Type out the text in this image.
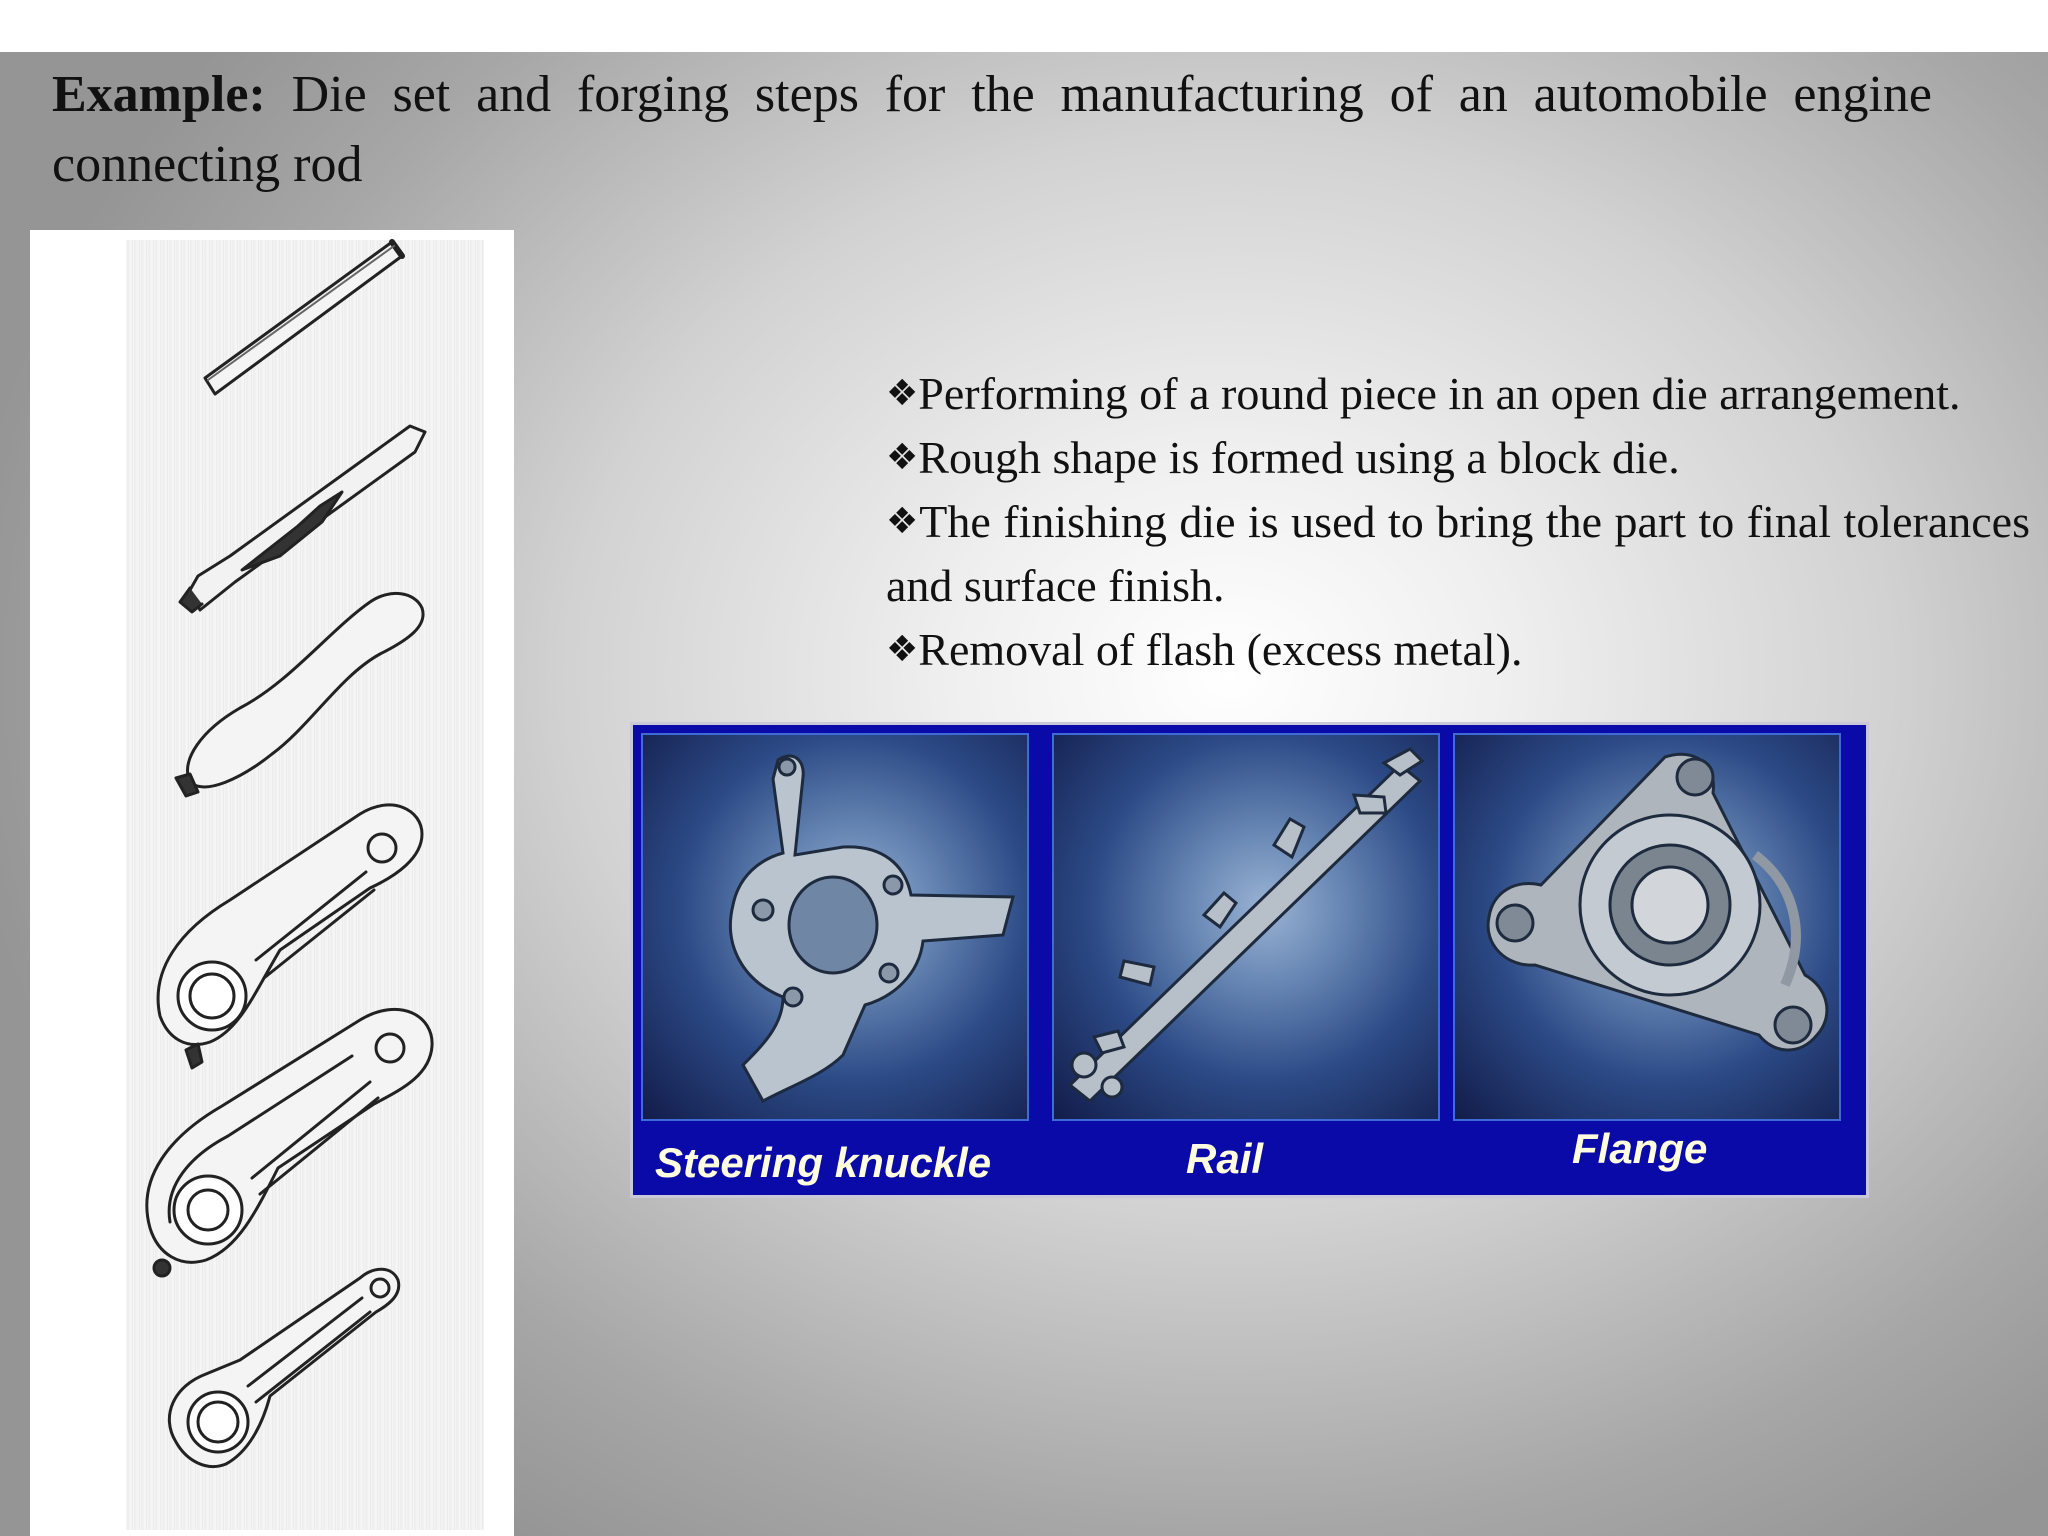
Example: Die set and forging steps for the manufacturing of an automobile engine connecting rod

❖Performing of a round piece in an open die arrangement.
❖Rough shape is formed using a block die.
❖The finishing die is used to bring the part to final tolerances and surface finish.
❖Removal of flash (excess metal).
Steering knuckle	Rail	Flange
